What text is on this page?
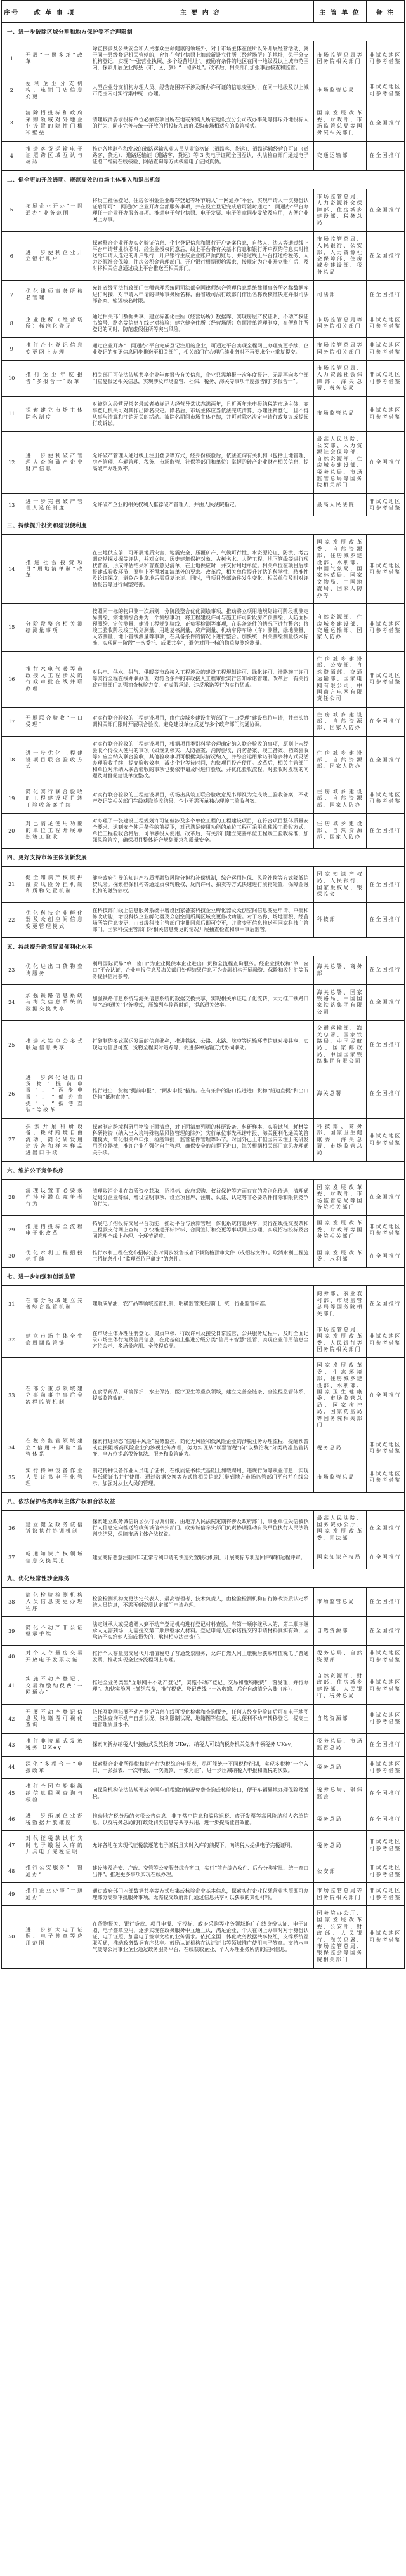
序号	改 革 事 项	主 要 内 容	主 管 单 位	备 注
一、进一步破除区域分割和地方保护等不合理限制				
1	开展“一照多址”改革	除直接涉及公共安全和人民群众生命健康的领域外，对于市场主体在住所以外开展经营活动、属于同一县级登记机关管辖的，允许在营业执照上加载新设立住所（经营场所）的地址，免于分支机构登记，实现“一张营业执照、多个经营地址”。鼓励有条件的地区在同一地级及以上城市范围内，探索开展企业跨县（市、区、旗）“一照多址”。改革后，相关部门加强事后核查和监管。	市场监管总局等国务院相关部门	非试点地区可参考借鉴
2	便利企业分支机构、连锁门店信息变更	大型企业分支机构办理人员、经营范围等不涉及新办许可证的信息变更时，在同一地级及以上城市范围内可实行集中统一办理。	市场监管总局	非试点地区可参考借鉴
3	清除招投标和政府采购领域对外地企业设置的隐性门槛和壁垒	清理取消要求投标单位必须在项目所在地或采购人所在地设立分公司或办事处等排斥外地投标人的行为，同步完善与统一开放的招投标和政府采购市场相适应的监管模式。	国家发展改革委、财政部、市场监管总局等国务院相关部门	在全国推行
4	推进客货运输电子证照跨区域互认与核验	推进各地制作和发放的道路运输从业人员从业资格证（道路客、货运）、道路运输经营许可证（道路客、货运）、道路运输证（道路客、货运）等 3 类电子证照全国互认，执法检查部门通过电子证照二维码在线核验、网站查询等方式核验电子证照真伪。	交通运输部	在全国推行
二、健全更加开放透明、规范高效的市场主体准入和退出机制				
5	拓展企业开办“一网通办”业务范围	将员工社保登记、住房公积金企业缴存登记等环节纳入“一网通办”平台，实现申请人一次身份认证后即可“一网通办”企业开办全部服务事项，并在设立登记完成后可随时通过“一网通办”平台办理任一企业开办服务事项。推进电子营业执照、电子发票、电子签章同步发放及应用，方便企业网上办事。	市场监管总局、人力资源社会保障部、住房城乡建设部、税务总局	在全国推行
6	进一步便利企业开立银行账户	探索整合企业开办实名验证信息、企业登记信息和银行开户备案信息，自然人、法人等通过线上平台申请营业执照时，经企业授权同意后，线上平台将有关基本信息和银行开户预约信息实时推送给申请人选定的开户银行，开户银行生成企业账户预约账号，并通过线上平台推送给税务、人力资源社会保障、住房公积金管理部门。开户银行根据预约需求，按规定为企业开立账户后，及时将相关信息通过线上平台推送至相关部门。	市场监管总局、人民银行、公安部、人力资源社会保障部、住房城乡建设部、税务总局	在全国推行
7	优化律师事务所核名管理	允许省级司法行政部门律师管理系统同司法部全国律师综合管理信息系统律师事务所名称数据库进行对接，对申请人申请的律师事务所名称，由省级司法行政部门作出名称预核准决定并报司法部备案，缩短核名时限。	司法部	在全国推行
8	企业住所（经营场所）标准化登记	通过相关部门数据共享，建立标准化住所（经营场所）数据库，实现房屋产权证明、不动产权证书编号、路名等信息在线比对核验；建立健全住所（经营场所）负面清单管理制度，在便利住所登记的同时，防范虚假住所等突出风险。	市场监管总局等国务院相关部门	非试点地区可参考借鉴
9	推行企业登记信息变更网上办理	通过企业开办“一网通办”平台完成登记注册的企业，可通过平台实现全程网上办理变更手续，企业登记的变更信息同步推送至相关部门，相关部门在办理后续业务时不再要求企业重复提交。	市场监管总局等国务院相关部门	非试点地区可参考借鉴
10	推行企业年度报告“多报合一”改革	相关部门可依法依规共享企业年度报告有关信息，企业只需填报一次年度报告，无需再向多个部门重复报送相关信息，实现涉及市场监管、社保、税务、海关等事项年度报告的“多报合一”。	市场监管总局、人力资源社会保障部、海关总署、税务总局	非试点地区可参考借鉴
11	探索建立市场主体除名制度	对被列入经营异常名录或者被标记为经营异常状态满两年，且近两年未申报纳税的市场主体，商事登记机关可对其作出除名决定。除名后，市场主体应当依法完成清算、办理注销登记，且不得从事与清算和注销无关的活动。被除名期间市场主体存续，并可对除名决定申请行政复议或提起行政诉讼。	市场监管总局	非试点地区可参考借鉴
12	进一步便利破产管理人查询破产企业财产信息	允许破产管理人通过线上注册登录等方式，经身份核验后，依法查询有关机构（包括土地管理、房产管理、车辆管理、税务、市场监管、社保等部门和单位）掌握的破产企业财产相关信息，提高破产办理效率。	最高人民法院、公安部、人力资源社会保障部、自然资源部、住房城乡建设部、税务总局、市场监管总局等国务院相关部门	在全国推行
13	进一步完善破产管理人选任制度	允许破产企业的相关权利人推荐破产管理人，并由人民法院指定。	最高人民法院	非试点地区可参考借鉴
三、持续提升投资和建设便利度				
14	推进社会投资项目“用地清单制”改革	在土地供应前，可开展地质灾害、地震安全、压覆矿产、气候可行性、水资源论证、防洪、考古调查勘探发掘等评估，并对文物、历史建筑保护对象、古树名木、人防工程、地下管线等进行现状普查，形成评估结果和普查意见清单，在土地供应时一并交付用地单位。相关单位在项目后续报建或验收环节，原则上不得增加清单外的要求。改革后，相关单位提升评估的科学性、精准性及论证深度，避免企业拿地后需重复论证。同时，当项目外部条件发生变化，相关单位及时对评估报告等进行调整完善。	国家发展改革委、自然资源部、住房城乡建设部、水利部、中国气象局、国家林草局、国家文物局、中国地震局、国家人防办等	非试点地区可参考借鉴
15	分阶段整合相关测绘测量事项	按照同一标的物只测一次原则，分阶段整合优化测绘事项，推动将立项用地规划许可阶段勘测定界测绘、宗地测绘合并为一个测绘事项；将工程建设许可与施工许可阶段房产预测绘、人防面积预测绘、定位测量、建设工程规划验线、正负零检测等事项，在具备条件的情况下进行整合；将竣工验收阶段竣工规划测量、用地复核测量、房产测量、机动车停车场（库）测量、绿地测量、人防测量、地下管线测量等事项，在具备条件的情况下进行整合。加快统一相关测绘测量技术标准，实现同一阶段“一次委托、成果共享”，避免对同一标的物重复测绘测量。	自然资源部、住房城乡建设部、交通运输部、国家人防办	非试点地区可参考借鉴
16	推行水电气暖等市政接入工程涉及的行政审批在线并联办理	对供电、供水、供气、供暖等市政接入工程涉及的建设工程规划许可、绿化许可、涉路施工许可等实行全程在线并联办理，对符合条件的市政接入工程审批实行告知承诺管理。改革后，有关行政审批部门加强抽查核验力度，对虚假承诺、违反承诺等行为实行惩戒。	住房城乡建设部、公安部、自然资源部、交通运输部、国家电网有限公司、中国南方电网有限责任公司	非试点地区可参考借鉴
17	开展联合验收“一口受理”	对实行联合验收的工程建设项目，由住房城乡建设主管部门“一口受理”建设单位申请，并牵头协调相关部门限时开展联合验收，避免建设单位反复与多个政府部门沟通协调。	住房城乡建设部、自然资源部、国家人防办	在全国推行
18	进一步优化工程建设项目联合验收方式	对实行联合验收的工程建设项目，根据项目类别科学合理确定纳入联合验收的事项，原则上未经验收不得投入使用的事项（如规划核实、人防备案、消防验收、消防备案、竣工备案、档案验收等）应当纳入联合验收，其他验收事项可根据实际情况纳入，并综合运用承诺制等多种方式灵活办理验收手续，提高验收效率，减少企业等待时间，加快项目投产使用。改革后，相关主管部门和单位对未纳入联合验收的事项也要依申请及时进行验收，并优化验收流程，对验收时发现的问题及时督促建设单位整改。	住房城乡建设部、自然资源部、国家人防办	在全国推行
19	简化实行联合验收的工程建设项目竣工验收备案手续	对实行联合验收的工程建设项目，现场出具竣工联合验收意见书即视为完成竣工验收备案，不动产登记等相关部门在线获取验收结果，企业无需再单独办理竣工验收备案。	住房城乡建设部、自然资源部、国家人防办	非试点地区可参考借鉴
20	对已满足使用功能的单位工程开展单独竣工验收	对办理了一张建设工程规划许可证但涉及多个单位工程的工程建设项目，在符合项目整体质量安全要求、达到安全使用条件的前提下，对已满足使用功能的单位工程可采用单独竣工验收方式，单位工程验收合格后，可单独投入使用。改革后，有关部门建立完善单位工程竣工验收标准，加强风险管控，确保项目整体符合规划要求和质量安全。	住房城乡建设部、自然资源部、国家人防办	在全国推行
四、更好支持市场主体创新发展				
21	健全知识产权质押融资风险分担机制和质物处置机制	健全政府引导的知识产权质押融资风险分担和补偿机制，综合运用担保、风险补偿等方式降低信贷风险。探索担保机构等通过质权转股权、反向许可、拍卖等方式快速进行质物处置，保障金融机构的融资债权。	国家知识产权局、人民银行、国家版权局、银保监会	在全国推行
22	优化科技企业孵化器及众创空间信息变更管理模式	在科技部门线上信息服务系统中增设国家备案科技企业孵化器及众创空间信息变更申请、审批和修改功能，增设科技企业孵化器及众创空间所属区域变更修改功能。对于名称、场地面积、经营场所等信息变更，由省级科技主管部门审批同意后即可变更，并将变更信息推送至国家科技主管部门。国家科技主管部门对相关信息变更的情况开展抽查检查和事中事后监管。	科技部	在全国推行
五、持续提升跨境贸易便利化水平				
23	优化进出口货物查询服务	利用国际贸易“单一窗口”为企业提供本企业进出口货物全流程查询服务。经企业授权和“单一窗口”平台认证，企业申报信息及海关部门处理结果信息可为金融机构开展融资、保险和收付汇等服务提供信用参考。	海关总署、商务部	在全国推行
24	加强铁路信息系统与海关信息系统的数据交换共享	加强铁路信息系统与海关信息系统的数据交换共享，实现相关单证电子化流转，大力推广铁路口岸“快速通关”业务模式，压缩列车停留时间，提高通关效率。	海关总署、国家铁路局、中国国家铁路集团有限公司	在全国推行
25	推进水铁空公多式联运信息共享	打破制约多式联运发展的信息壁垒，推进铁路、公路、水路、航空等运输环节信息对接共享，实现运力信息可查、货物全程实时追踪等，促进多种运输方式协同联动。	交通运输部、海关总署、国家铁路局、中国民航局、国家邮政局、中国国家铁路集团有限公司	在全国推行
26	进一步深化进出口货物“提前申报”、“两步申报”、“船边直提”、“抵港直装”等改革	推行进出口货物“提前申报”、“两步申报”措施。在有条件的港口推进进口货物“船边直提”和出口货物“抵港直装”。	海关总署	在全国推行
27	探索开展科研设备、耗材跨境自由流动，简化研发用途设备和样本样品进出口手续	探索制定跨境科研用物资正面清单，对正面清单列明的科研设备、科研样本、实验试剂、耗材等科研物资（纳入出入境特殊物品风险管理的除外）实行单位事先承诺申报、海关便利化通关的管理模式，简化报关单申报、检疫审批、监管证件管理等环节。对国外已上市但国内未注册的研发用医疗器械，准许企业在强化自主管理、确保安全的前提下进口，海关根据相关部门意见办理通关手续。	科技部、商务部、国家卫生健康委、海关总署、市场监管总局	非试点地区可参考借鉴
六、维护公平竞争秩序				
28	清理设置非必要条件排斥潜在竞争者行为	清理取消企业在资质资格获取、招投标、政府采购、权益保护等方面存在的差别化待遇，清理通过划分企业等级、增设证明事项、设立项目库、注册、认证、认定等非必要条件排除和限制竞争的行为。	国家发展改革委、财政部、市场监管总局等国务院相关部门	在全国推行
29	推进招投标全流程电子化改革	拓展电子招投标交易平台功能，推动平台与预算管理一体化系统信息共享，实行在线提交发票和工程款支付网上查询；加快推进开标评标、合同签订和变更等事项网上办理，实现招标投标及合同管理全线上办理、全环节留痕。	国家发展改革委、财政部等国务院相关部门	非试点地区可参考借鉴
30	优化水利工程招投标手续	推行水利工程在发布招标公告时同步发售或者下载资格预审文件（或招标文件）。取消水利工程施工招标条件中“监理单位已确定”的条件。	国家发展改革委、水利部	在全国推行
七、进一步加强和创新监管				
31	在部分领域建立完善综合监管机制	理顺成品油、农产品等领域监管机制，明确监管责任部门，统一行业监管标准。	商务部、农业农村部、市场监管总局等国务院相关部门	在全国推行
32	建立市场主体全生命周期监管链	在市场主体办理注册登记、资质审核、行政许可及接受日常监管、公共服务过程中，及时全面记录市场主体行为及信用信息，在此基础上推进分级分类“信用＋智慧”监管，实现企业信用信息全方位公示、多场景应用、全流程追溯。	市场监管总局、国家发展改革委、人民银行等国务院相关部门	非试点地区可参考借鉴
33	在部分重点领域建立事前事中事后全流程监管机制	在食品药品、环境保护、水土保持、医疗卫生等重点领域，建立完善全链条、全流程监管体系，提高监管效能。	国家发展改革委、生态环境部、住房城乡建设部、水利部、国家卫生健康委、市场监管总局、国家疾控局、国家药监局等国务院相关部门	在全国推行
34	在税务监管领域建立“信用＋风险”监管体系	探索推进动态“信用＋风险”税务监控，简化无风险和低风险企业的涉税业务办理流程，提醒预警或直接阻断高风险企业的涉税业务办理，努力实现从“以票管税”向“以数治税”分类精准监管转变，全方位提高税务执法、服务和监管能力。	税务总局	非试点地区可参考借鉴
35	实行特种设备作业人员证书电子化管理	制定特种设备作业人员电子证书，在纸质证书样式基础上加载聘用、违规行为等从业信息，实现与纸质证书并行使用。通过数据交换等方式将相关信息汇聚到地方市场监管部门平台并在线公示，加强对从业人员的管理。	市场监管总局	非试点地区可参考借鉴
八、依法保护各类市场主体产权和合法权益				
36	建立健全政务诚信诉讼执行协调机制	探索建立政务诚信诉讼执行协调机制，由地方人民法院定期将涉及政府部门、事业单位失信被执行人信息定向推送给政务诚信牵头部门。政务诚信牵头部门负责协调推动有关单位执行人民法院判决结果，保障市场主体合法权益。	最高人民法院、国务院办公厅、国家发展改革委、司法部	在全国推行
37	畅通知识产权领域信息交换渠道	建立商标恶意注册和非正常专利申请的快速处置联动机制，开展商标专利巡回评审和远程评审。	国家知识产权局	在全国推行
九、优化经常性涉企服务				
38	简化检验检测机构人员信息变更办理程序	检验检测机构变更法定代表人、最高管理者、技术负责人，由检验检测机构自行修改资质认定系统人员信息，不需再到资质认定部门申请办理。	市场监管总局	在全国推行
39	简化不动产非公证继承手续	法定继承人或受遗赠人到不动产登记机构进行登记材料查验，有第一顺序继承人的，第二顺序继承人无需到场，无需提交第二顺序继承人材料。登记申请人应承诺提交的申请材料真实有效，因承诺不实给他人造成损失的，承担相应法律责任。	自然资源部	在全国推行
40	对个人存量房交易开放电子发票功能	推行个人存量房交易代开增值税电子普通发票服务，允许自然人网上缴税后获取增值税电子普通发票，推动实现全业务流程网上办理。	税务总局、自然资源部	非试点地区可参考借鉴
41	实施不动产登记、交易和缴纳税费“一网通办”	推进全业务类型“互联网＋不动产登记”，实施不动产登记、交易和缴纳税费“一窗受理、并行办理”。加快实施网上缴纳税费，推行税费、登记费线上一次收缴、后台自动清分入账（库）。	自然资源部、财政部、住房城乡建设部、人民银行、税务总局	非试点地区可参考借鉴
42	开展不动产登记信息及地籍图可视化查询	依托互联网拓展不动产登记信息在线可视化检索和查询服务，任何人经身份验证后可在电子地图上依法查询不动产自然状况、权利限制状况、地籍图等信息，更大便利不动产转移登记，提高土地管理质量水平。	自然资源部	非试点地区可参考借鉴
43	推行非接触式发放税务 UKey	探索向新办纳税人非接触式发放税务 UKey，纳税人可以向税务机关免费申领税务 UKey。	税务总局、市场监管总局	在全国推行
44	深化“多税合一”申报改革	探索整合企业所得税和财产行为税综合申报表，尽可能统一不同税种征期，实现多税种“一个入口、一张报表、一次申报、一次缴款、一张凭证”，进一步压减纳税人申报和缴税的次数。	税务总局	非试点地区可参考借鉴
45	推行全国车船税缴纳信息联网查询与核验	向保险机构依法依规开放全国车船税缴纳情况免费查询或核验接口，便于车辆异地办理保险及缴税。	税务总局、银保监会	在全国推行
46	进一步拓展企业涉税数据开放维度	推动地方税务局的欠税公告信息、非正常户信息和骗取退税、虚开发票等高风险纳税人名单信息，以及税务总局的行政处罚类信息等共享共用，进一步提高征管效能。	税务总局	在全国推行
47	对代征税款试行实时电子缴税入库的开具电子完税证明	允许各地在实现代征税款逐笔电子缴税且实时入库的前提下，向纳税人提供电子完税证明。	税务总局	非试点地区可参考借鉴
48	推行公安服务“一窗通办”	建设涉及治安、户政、交管等公安服务综合窗口，实行“前台综合收件、后台分类审批、统一窗口出件”，推进更多事项实现在线办理。	公安部	非试点地区可参考借鉴
49	推行企业办事“一照通办”	通过政府部门内部数据共享等方式归集或核验企业基本信息，探索实行企业仅凭营业执照即可办理部分高频审批服务事项，无需提交政府部门通过信息共享可以获取的其他材料。	市场监管总局等国务院相关部门	非试点地区可参考借鉴
50	进一步扩大电子证照、电子签章等应用范围	在货物报关、银行贷款、项目申报、招投标、政府采购等业务领域推广在线身份认证、电子证照、电子签章应用，逐步实现在政务服务中互通互认，满足企业、个人在网上办事时对于身份认证、电子证照、加盖电子签章文档的业务需求。依托全国一体化政务数据共享枢纽，支撑系统互联互通，推动政务数据有序共享。鼓励认证机构在认证证书等领域推广使用电子签章。支持水电气暖等公用事业企业通过政务服务平台，在线获取企业、个人办理业务所需的证照信息。	国务院办公厅、国家发展改革委、公安部、财政部、人民银行、海关总署、市场监管总局、银保监会等国务院相关部门	非试点地区可参考借鉴
